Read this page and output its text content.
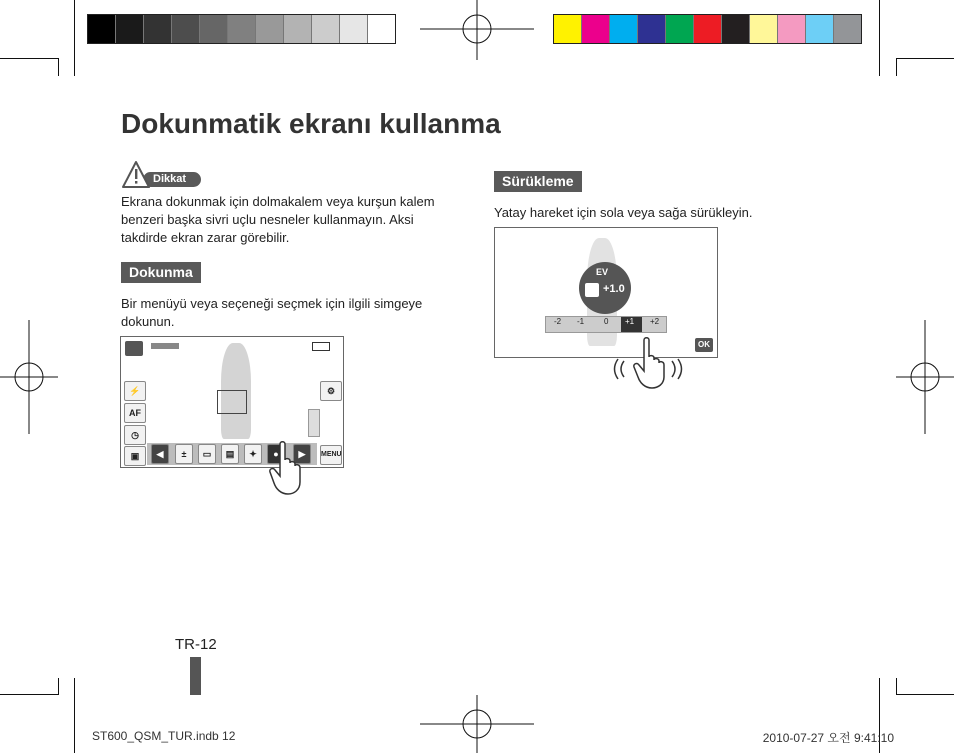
Dokunmatik ekranı kullanma
Dikkat

Ekrana dokunmak için dolmakalem veya kurşun kalem benzeri başka sivri uçlu nesneler kullanmayın. Aksi takdirde ekran zarar görebilir.

Dokunma

Bir menüyü veya seçeneği seçmek için ilgili simgeye dokunun.

⚡
AF
◷
▣
⚙
◀	±	▭	▤	✦	●	▶	MENU
Sürükleme

Yatay hareket için sola veya sağa sürükleyin.

EV
+1.0
-2 -1 0 +1 +2
OK
TR-12
ST600_QSM_TUR.indb 12	2010-07-27 오전 9:41:10
